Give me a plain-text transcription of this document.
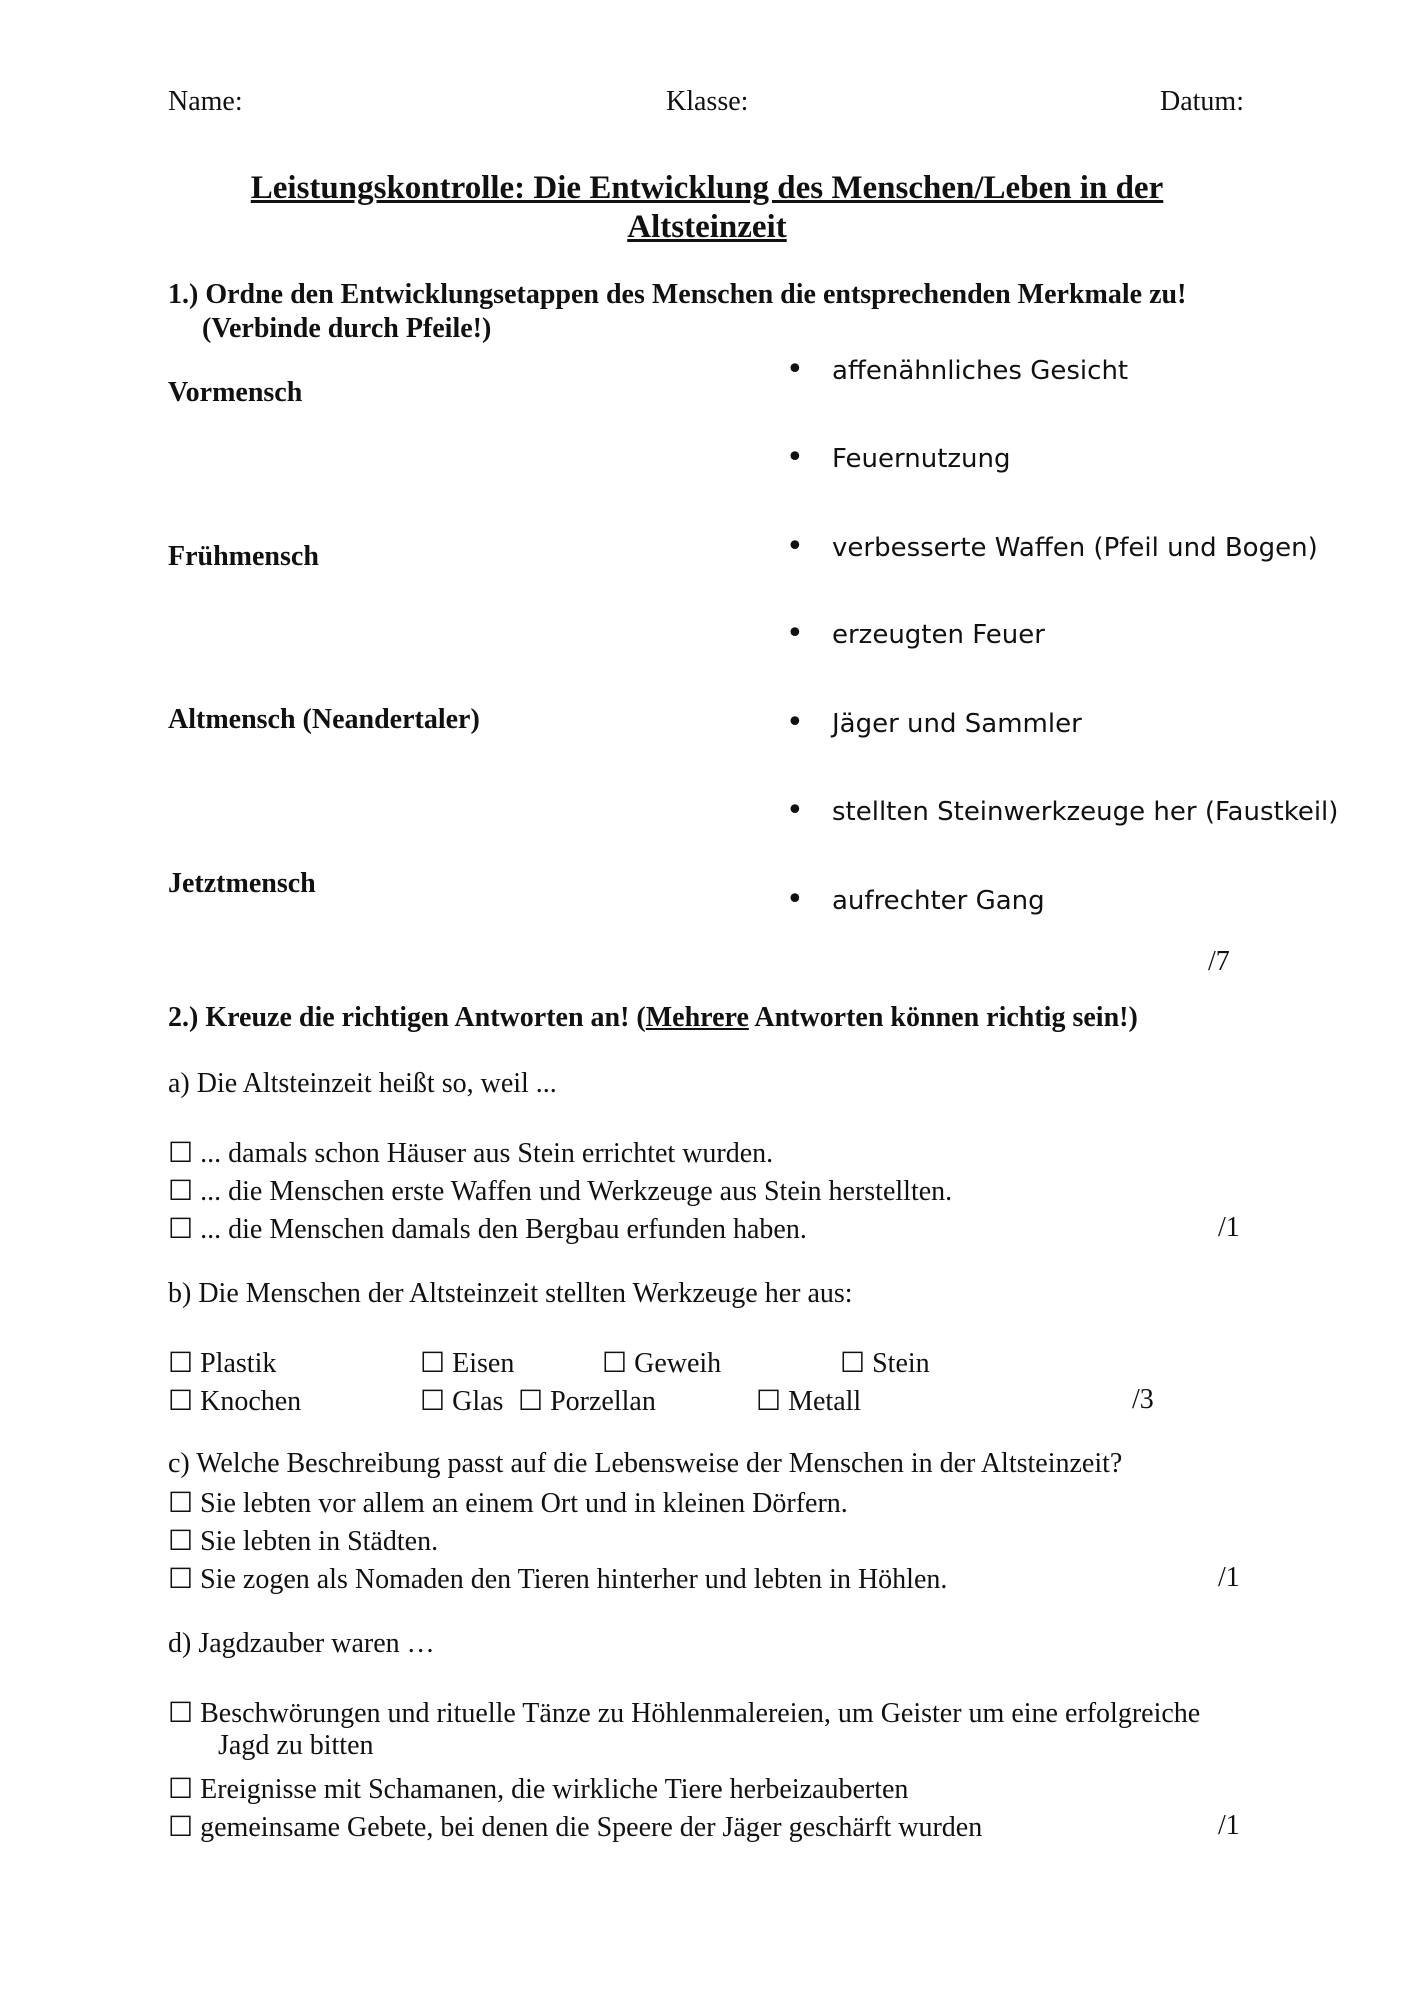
Name:	Klasse:	Datum:
Leistungskontrolle: Die Entwicklung des Menschen/Leben in der
Altsteinzeit
1.) Ordne den Entwicklungsetappen des Menschen die entsprechenden Merkmale zu!
(Verbinde durch Pfeile!)
Vormensch
Frühmensch
Altmensch (Neandertaler)
Jetztmensch
• affenähnliches Gesicht
• Feuernutzung
• verbesserte Waffen (Pfeil und Bogen)
• erzeugten Feuer
• Jäger und Sammler
• stellten Steinwerkzeuge her (Faustkeil)
• aufrechter Gang
/7
2.) Kreuze die richtigen Antworten an! (Mehrere Antworten können richtig sein!)
a) Die Altsteinzeit heißt so, weil ...
☐ ... damals schon Häuser aus Stein errichtet wurden.
☐ ... die Menschen erste Waffen und Werkzeuge aus Stein herstellten.
☐ ... die Menschen damals den Bergbau erfunden haben.	/1
b) Die Menschen der Altsteinzeit stellten Werkzeuge her aus:
☐ Plastik	☐ Eisen	☐ Geweih	☐ Stein
☐ Knochen	☐ Glas ☐ Porzellan	☐ Metall	/3
c) Welche Beschreibung passt auf die Lebensweise der Menschen in der Altsteinzeit?
☐ Sie lebten vor allem an einem Ort und in kleinen Dörfern.
☐ Sie lebten in Städten.
☐ Sie zogen als Nomaden den Tieren hinterher und lebten in Höhlen.	/1
d) Jagdzauber waren …
☐ Beschwörungen und rituelle Tänze zu Höhlenmalereien, um Geister um eine erfolgreiche
Jagd zu bitten
☐ Ereignisse mit Schamanen, die wirkliche Tiere herbeizauberten
☐ gemeinsame Gebete, bei denen die Speere der Jäger geschärft wurden	/1
